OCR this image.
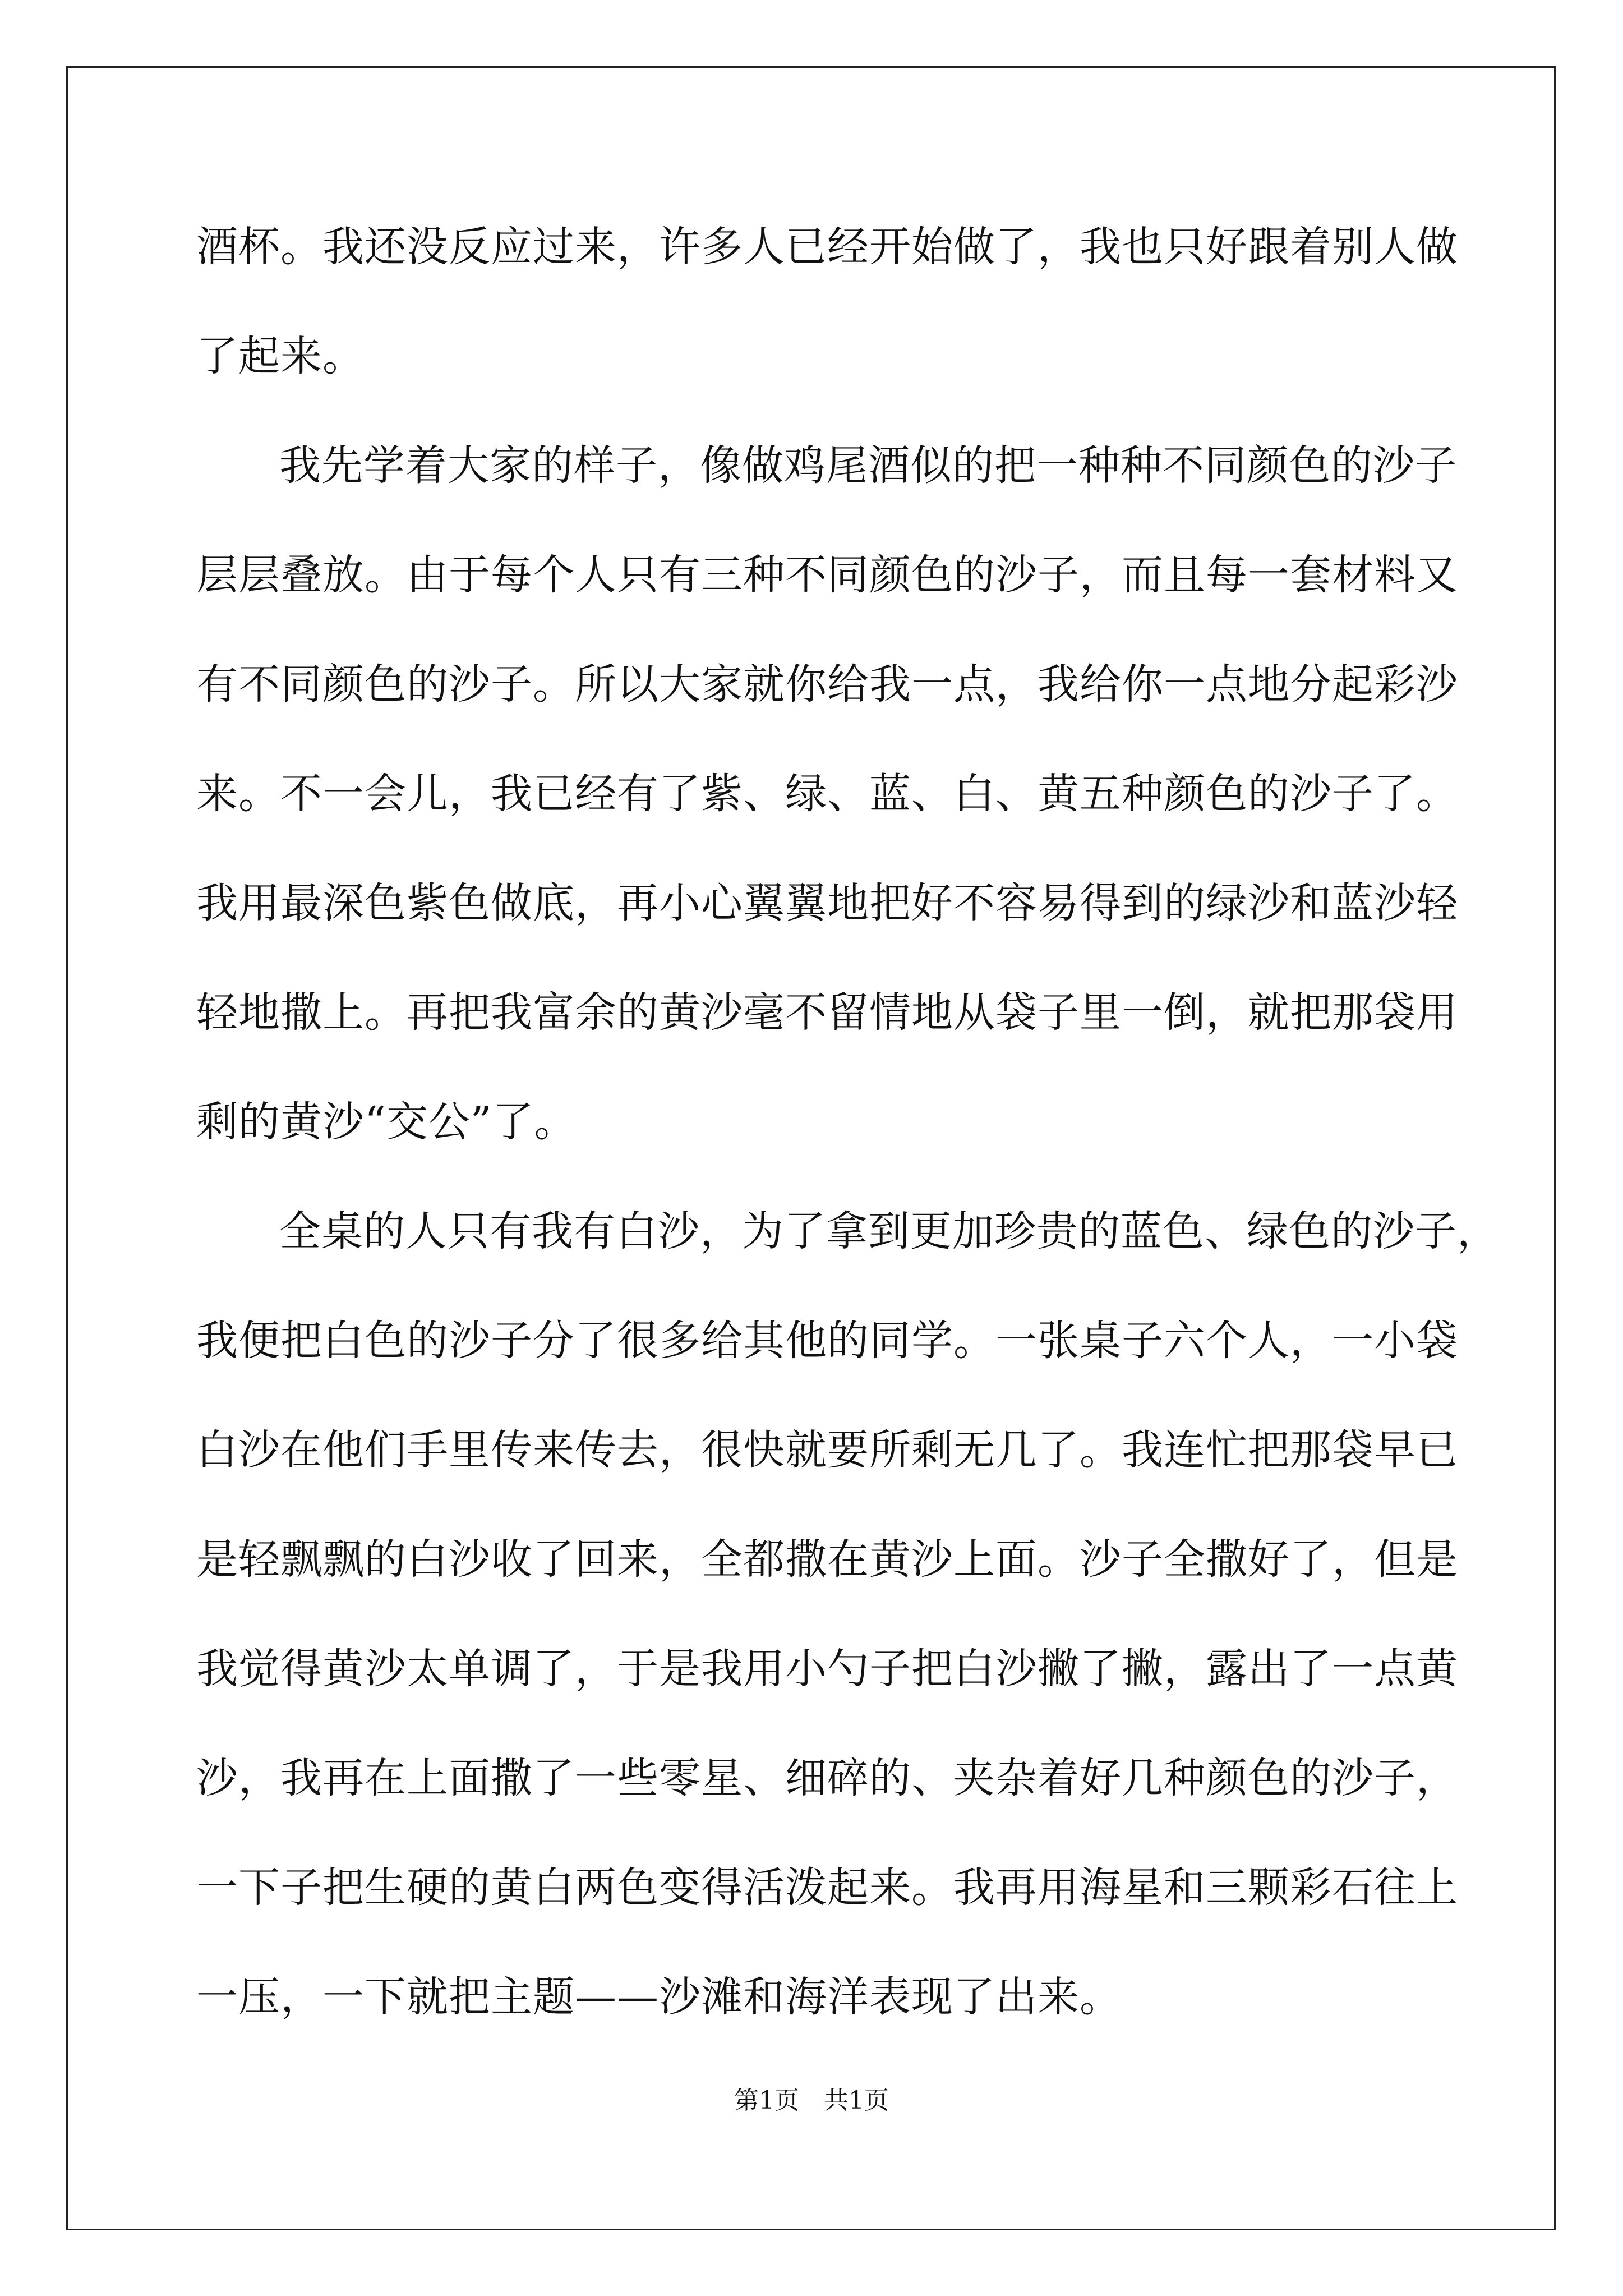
酒杯。我还没反应过来，许多人已经开始做了，我也只好跟着别人做
了起来。
我先学着大家的样子，像做鸡尾酒似的把一种种不同颜色的沙子
层层叠放。由于每个人只有三种不同颜色的沙子，而且每一套材料又
有不同颜色的沙子。所以大家就你给我一点，我给你一点地分起彩沙
来。不一会儿，我已经有了紫、绿、蓝、白、黄五种颜色的沙子了。
我用最深色紫色做底，再小心翼翼地把好不容易得到的绿沙和蓝沙轻
轻地撒上。再把我富余的黄沙毫不留情地从袋子里一倒，就把那袋用
剩的黄沙“交公”了。
全桌的人只有我有白沙，为了拿到更加珍贵的蓝色、绿色的沙子，
我便把白色的沙子分了很多给其他的同学。一张桌子六个人，一小袋
白沙在他们手里传来传去，很快就要所剩无几了。我连忙把那袋早已
是轻飘飘的白沙收了回来，全都撒在黄沙上面。沙子全撒好了，但是
我觉得黄沙太单调了，于是我用小勺子把白沙撇了撇，露出了一点黄
沙，我再在上面撒了一些零星、细碎的、夹杂着好几种颜色的沙子，
一下子把生硬的黄白两色变得活泼起来。我再用海星和三颗彩石往上
一压，一下就把主题——沙滩和海洋表现了出来。
第1页　共1页
